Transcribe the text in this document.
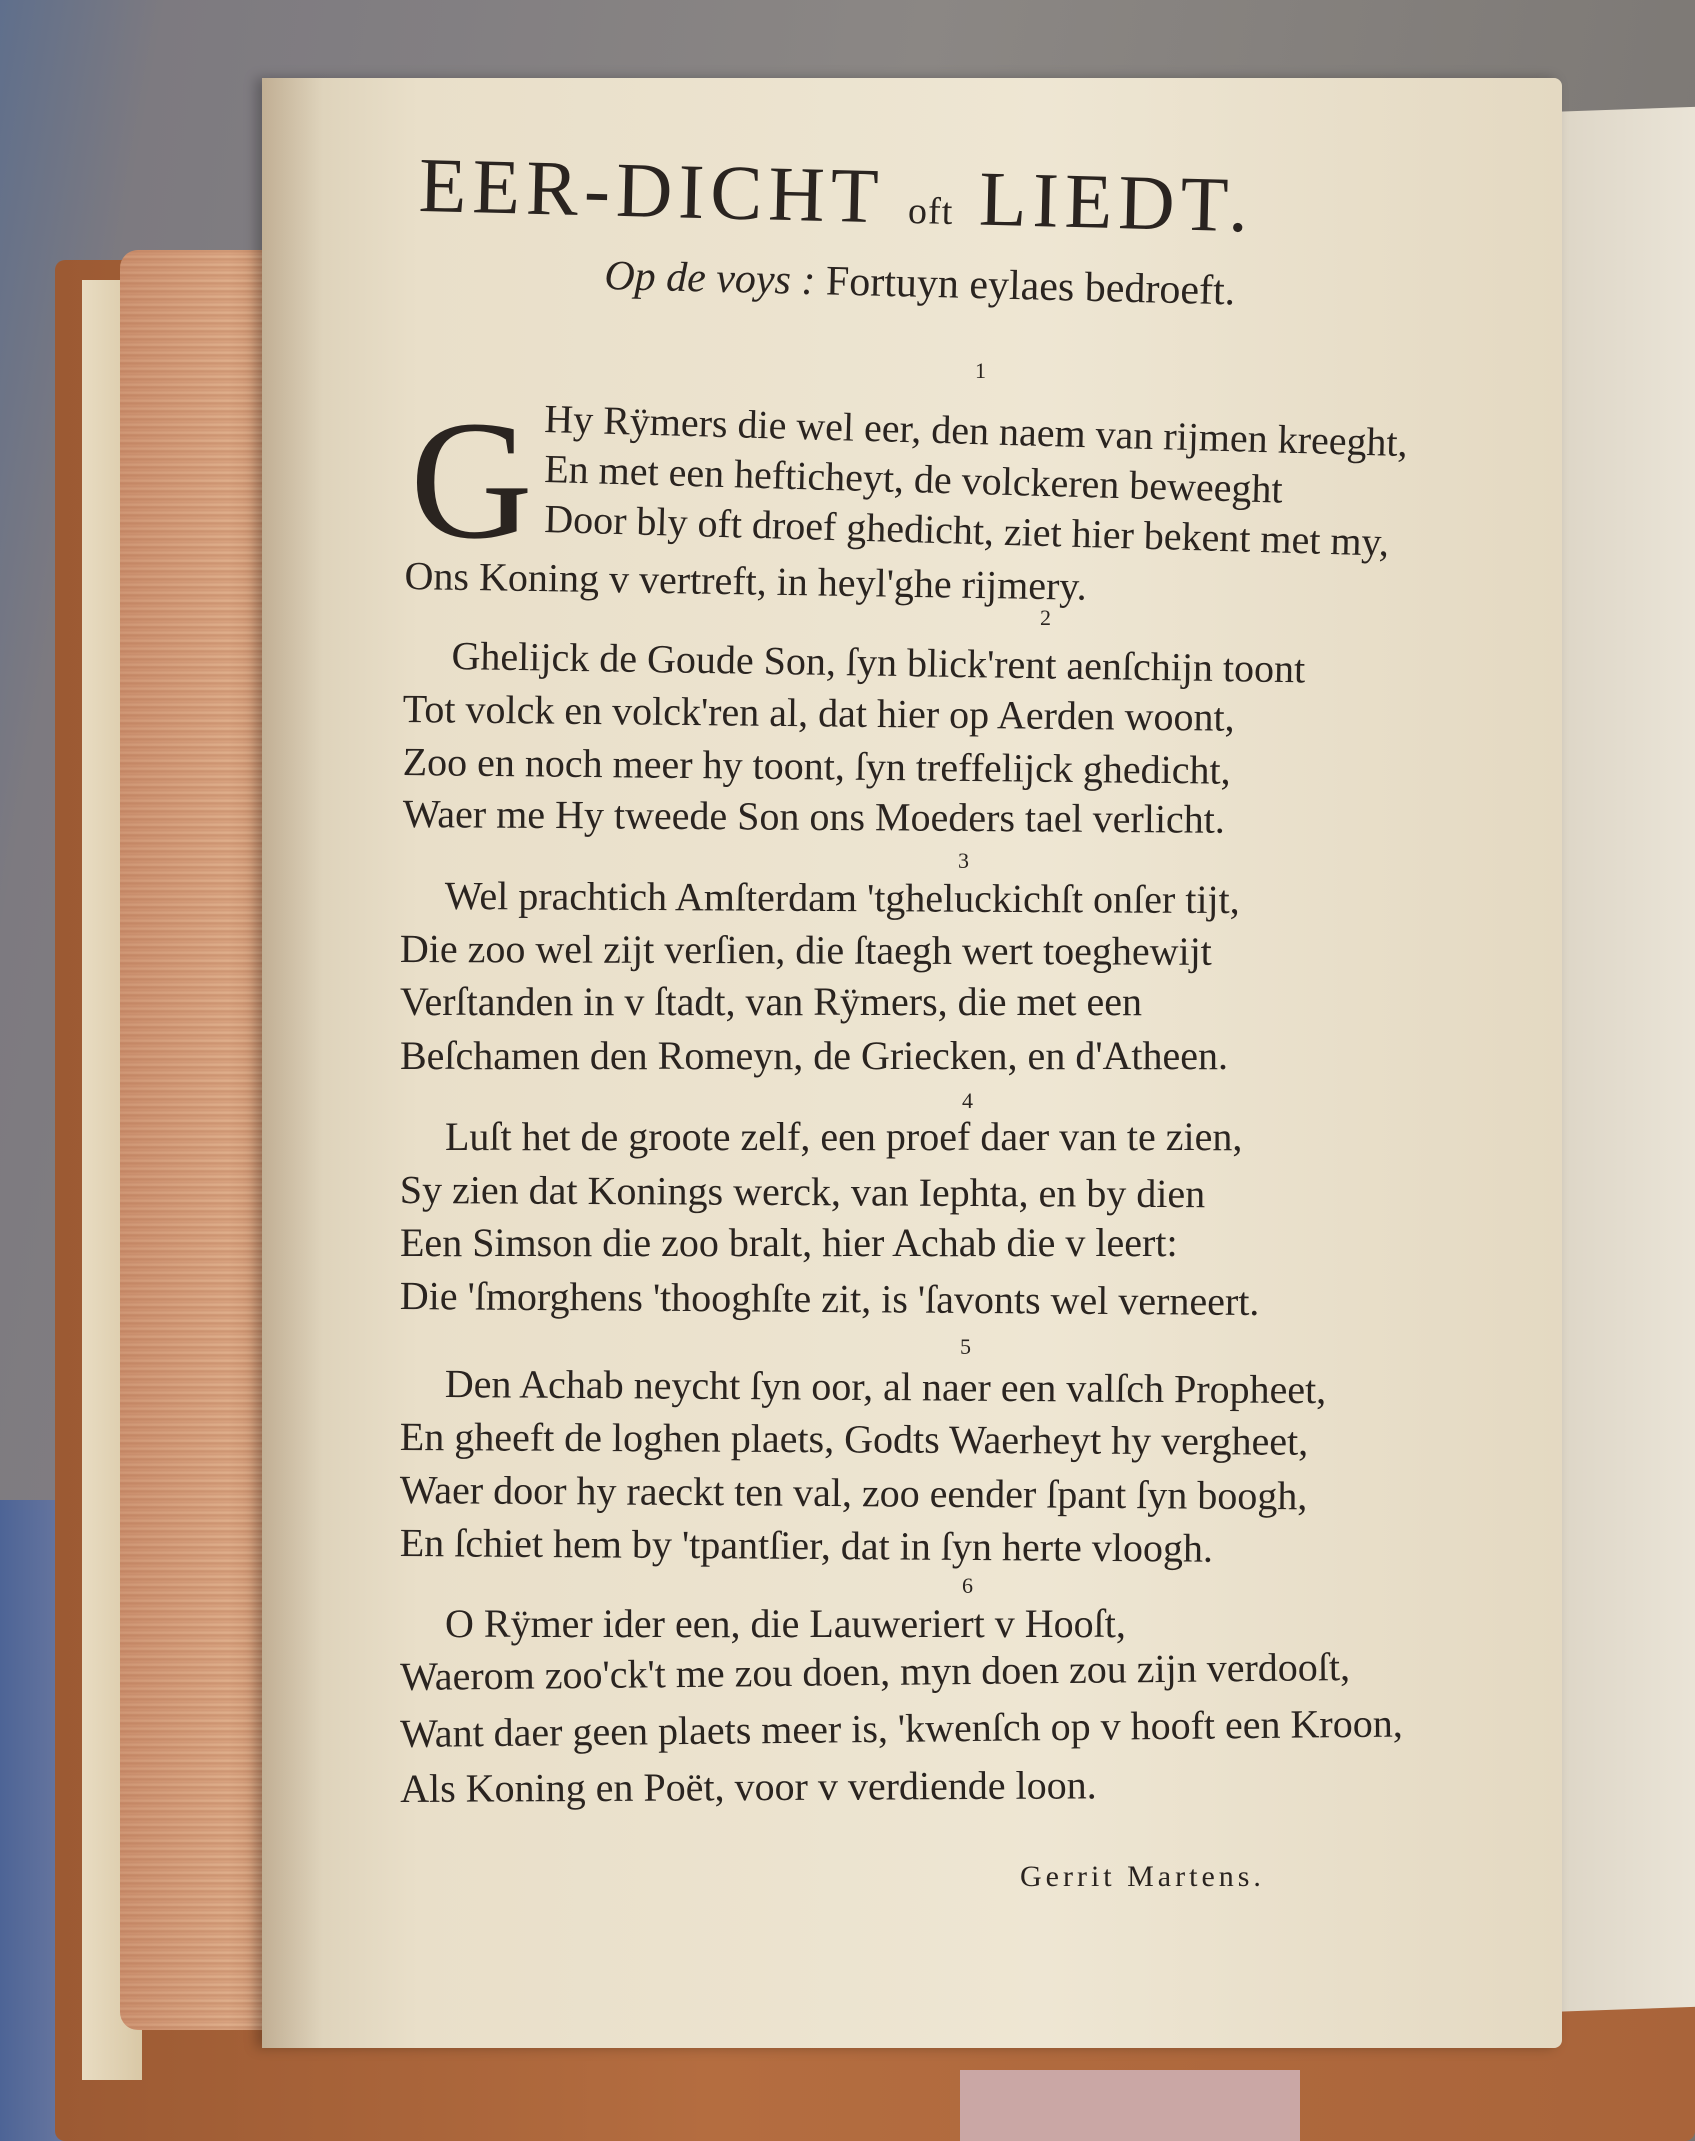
EER-DICHT oft LIEDT.
Op de voys : Fortuyn eylaes bedroeft.
G
1
Hy Rÿmers die wel eer, den naem van rijmen kreeght,
En met een hefticheyt, de volckeren beweeght
Door bly oft droef ghedicht, ziet hier bekent met my,
Ons Koning v vertreft, in heyl'ghe rijmery.
2
Ghelijck de Goude Son, ſyn blick'rent aenſchijn toont
Tot volck en volck'ren al, dat hier op Aerden woont,
Zoo en noch meer hy toont, ſyn treffelijck ghedicht,
Waer me Hy tweede Son ons Moeders tael verlicht.
3
Wel prachtich Amſterdam 'tgheluckichſt onſer tijt,
Die zoo wel zijt verſien, die ſtaegh wert toeghewijt
Verſtanden in v ſtadt, van Rÿmers, die met een
Beſchamen den Romeyn, de Griecken, en d'Atheen.
4
Luſt het de groote zelf, een proef daer van te zien,
Sy zien dat Konings werck, van Iephta, en by dien
Een Simson die zoo bralt, hier Achab die v leert:
Die 'ſmorghens 'thooghſte zit, is 'ſavonts wel verneert.
5
Den Achab neycht ſyn oor, al naer een valſch Propheet,
En gheeft de loghen plaets, Godts Waerheyt hy vergheet,
Waer door hy raeckt ten val, zoo eender ſpant ſyn boogh,
En ſchiet hem by 'tpantſier, dat in ſyn herte vloogh.
6
O Rÿmer ider een, die Lauweriert v Hooſt,
Waerom zoo'ck't me zou doen, myn doen zou zijn verdooſt,
Want daer geen plaets meer is, 'kwenſch op v hooft een Kroon,
Als Koning en Poët, voor v verdiende loon.
Gerrit Martens.
